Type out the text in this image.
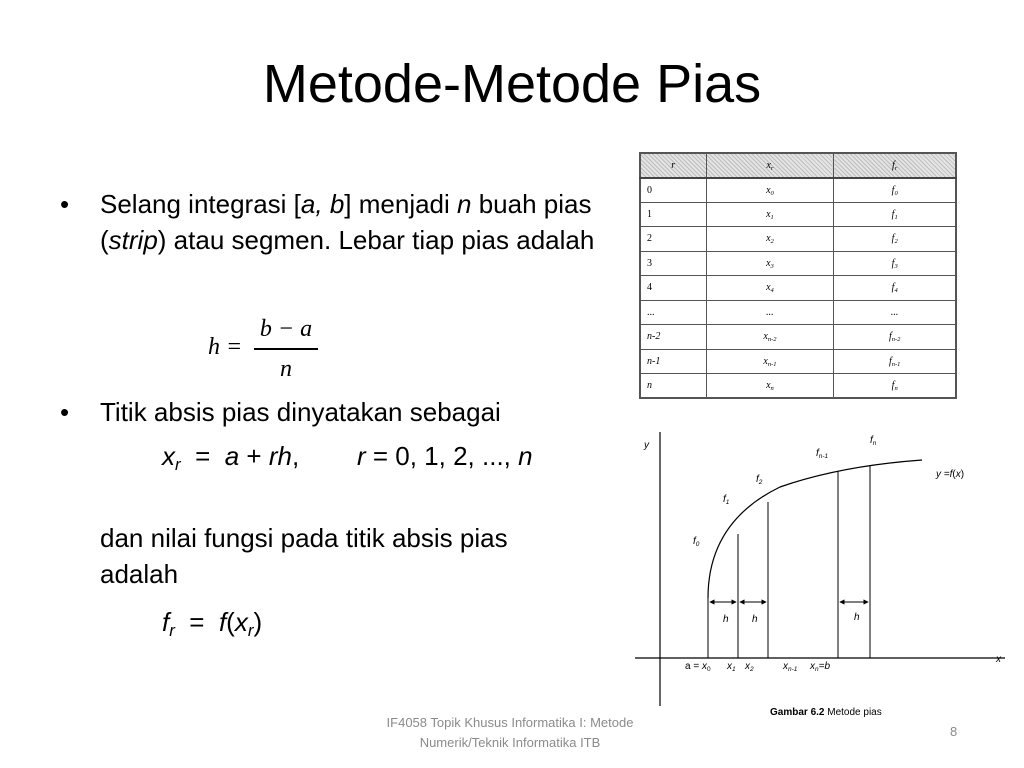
Metode-Metode Pias
• Selang integrasi [a, b] menjadi n buah pias (strip) atau segmen. Lebar tiap pias adalah
h =
b − a
n
• Titik absis pias dinyatakan sebagai
$x_r = a$ + rh, r = 0, 1, 2, ..., n
dan nilai fungsi pada titik absis pias
adalah
$f_r = f(x_r)$
r	$x_r$	$f_r$
0	$x_0$	$f_0$
1	$x_1$	$f_1$
2	$x_2$	$f_2$
3	$x_3$	$f_3$
4	$x_4$	$f_4$
...	...	...
n-2	$x_{n-2}$	$f_{n-2}$
n-1	$x_{n-1}$	$f_{n-1}$
n	$x_n$	$f_n$
y
x
y =f(x)
$f_0$
$f_1$
$f_2$
$f_{n-1}$
$f_n$
h h	h
$a = x_0$ $x_1$ $x_2$	$x_{n-1}$ $x_n=b$
Gambar 6.2 Metode pias
IF4058 Topik Khusus Informatika I: Metode
Numerik/Teknik Informatika ITB
8
